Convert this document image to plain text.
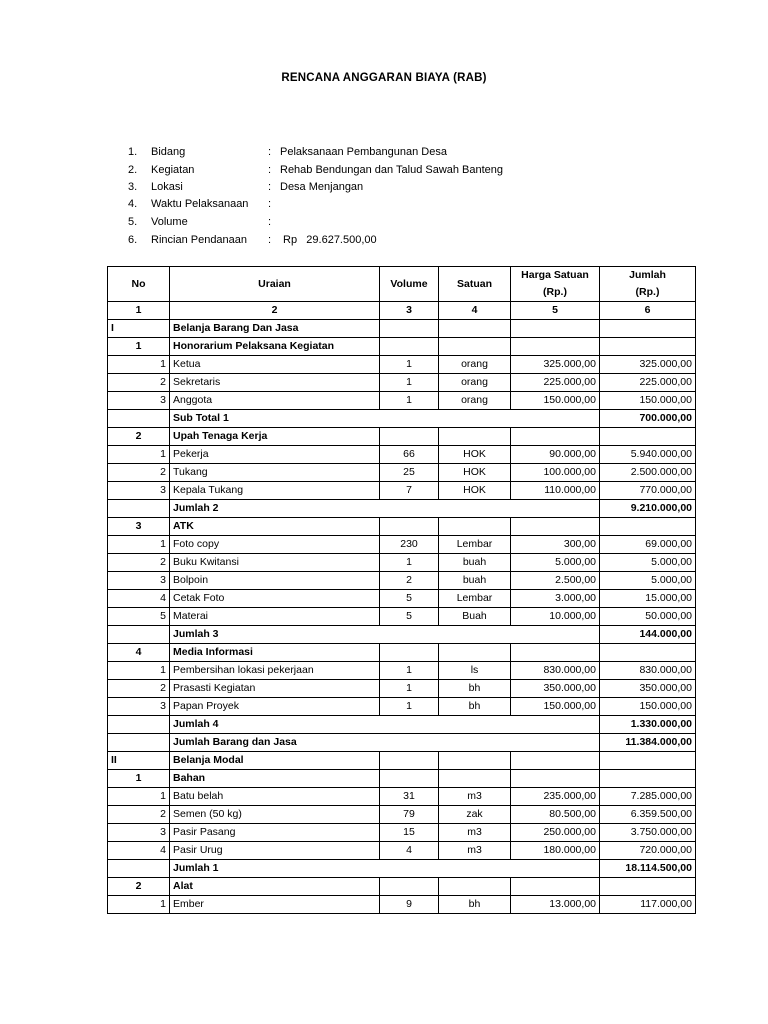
RENCANA ANGGARAN BIAYA (RAB)
1.	Bidang	: Pelaksanaan Pembangunan Desa
2.	Kegiatan	: Rehab Bendungan dan Talud Sawah Banteng
3.	Lokasi	: Desa Menjangan
4.	Waktu Pelaksanaan :
5.	Volume	:
6.	Rincian Pendanaan : Rp   29.627.500,00
No	Uraian	Volume	Satuan	Harga Satuan
(Rp.)	Jumlah
(Rp.)

1	2	3	4	5	6
I	Belanja Barang Dan Jasa				
1	Honorarium Pelaksana Kegiatan				
1	Ketua	1	orang	325.000,00	325.000,00
2	Sekretaris	1	orang	225.000,00	225.000,00
3	Anggota	1	orang	150.000,00	150.000,00
	Sub Total 1				700.000,00
2	Upah Tenaga Kerja				
1	Pekerja	66	HOK	90.000,00	5.940.000,00
2	Tukang	25	HOK	100.000,00	2.500.000,00
3	Kepala Tukang	7	HOK	110.000,00	770.000,00
	Jumlah 2				9.210.000,00
3	ATK				
1	Foto copy	230	Lembar	300,00	69.000,00
2	Buku Kwitansi	1	buah	5.000,00	5.000,00
3	Bolpoin	2	buah	2.500,00	5.000,00
4	Cetak Foto	5	Lembar	3.000,00	15.000,00
5	Materai	5	Buah	10.000,00	50.000,00
	Jumlah 3				144.000,00
4	Media Informasi				
1	Pembersihan lokasi pekerjaan	1	ls	830.000,00	830.000,00
2	Prasasti Kegiatan	1	bh	350.000,00	350.000,00
3	Papan Proyek	1	bh	150.000,00	150.000,00
	Jumlah 4				1.330.000,00
	Jumlah Barang dan Jasa				11.384.000,00
II	Belanja Modal				
1	Bahan				
1	Batu belah	31	m3	235.000,00	7.285.000,00
2	Semen (50 kg)	79	zak	80.500,00	6.359.500,00
3	Pasir Pasang	15	m3	250.000,00	3.750.000,00
4	Pasir Urug	4	m3	180.000,00	720.000,00
	Jumlah 1				18.114.500,00
2	Alat				
1	Ember	9	bh	13.000,00	117.000,00
